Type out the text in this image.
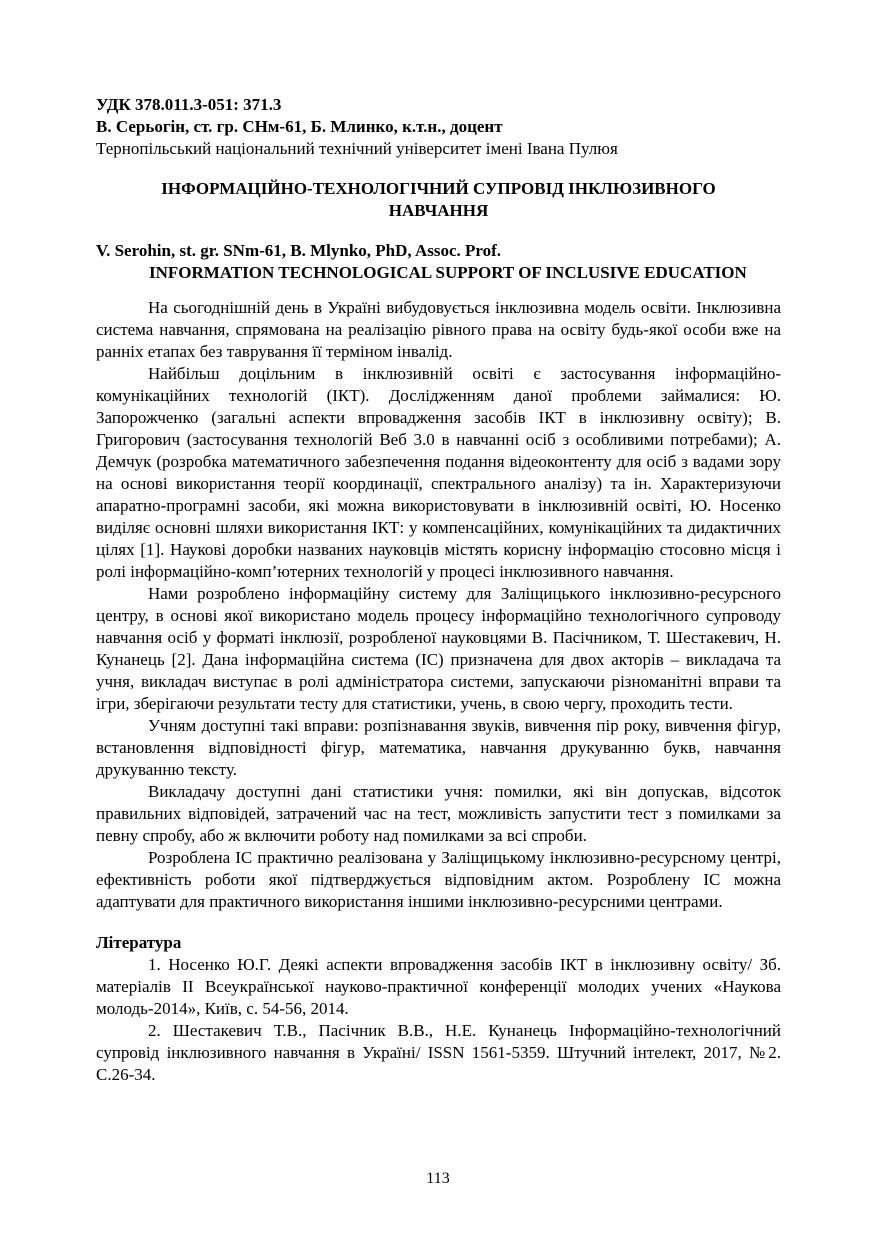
УДК 378.011.3-051: 371.3

В. Серьогін, ст. гр. СНм-61, Б. Млинко, к.т.н., доцент

Тернопільський національний технічний університет імені Івана Пулюя

ІНФОРМАЦІЙНО-ТЕХНОЛОГІЧНИЙ СУПРОВІД ІНКЛЮЗИВНОГО
НАВЧАННЯ

V. Serohin, st. gr. SNm-61, B. Mlynko, PhD, Assoc. Prof.

INFORMATION TECHNOLOGICAL SUPPORT OF INCLUSIVE EDUCATION

На сьогоднішній день в Україні вибудовується інклюзивна модель освіти. Інклюзивна система навчання, спрямована на реалізацію рівного права на освіту будь-якої особи вже на ранніх етапах без таврування її терміном інвалід.

Найбільш доцільним в інклюзивній освіті є застосування інформаційно-комунікаційних технологій (ІКТ). Дослідженням даної проблеми займалися: Ю. Запорожченко (загальні аспекти впровадження засобів ІКТ в інклюзивну освіту); В. Григорович (застосування технологій Веб 3.0 в навчанні осіб з особливими потребами); А. Демчук (розробка математичного забезпечення подання відеоконтенту для осіб з вадами зору на основі використання теорії координації, спектрального аналізу) та ін. Характеризуючи апаратно-програмні засоби, які можна використовувати в інклюзивній освіті, Ю. Носенко виділяє основні шляхи використання ІКТ: у компенсаційних, комунікаційних та дидактичних цілях [1]. Наукові доробки названих науковців містять корисну інформацію стосовно місця і ролі інформаційно-комп’ютерних технологій у процесі інклюзивного навчання.

Нами розроблено інформаційну систему для Заліщицького інклюзивно-ресурсного центру, в основі якої використано модель процесу інформаційно технологічного супроводу навчання осіб у форматі інклюзії, розробленої науковцями В. Пасічником, Т. Шестакевич, Н. Кунанець [2]. Дана інформаційна система (ІС) призначена для двох акторів – викладача та учня, викладач виступає в ролі адміністратора системи, запускаючи різноманітні вправи та ігри, зберігаючи результати тесту для статистики, учень, в свою чергу, проходить тести.

Учням доступні такі вправи: розпізнавання звуків, вивчення пір року, вивчення фігур, встановлення відповідності фігур, математика, навчання друкуванню букв, навчання друкуванню тексту.

Викладачу доступні дані статистики учня: помилки, які він допускав, відсоток правильних відповідей, затрачений час на тест, можливість запустити тест з помилками за певну спробу, або ж включити роботу над помилками за всі спроби.

Розроблена ІС практично реалізована у Заліщицькому інклюзивно-ресурсному центрі, ефективність роботи якої підтверджується відповідним актом. Розроблену ІС можна адаптувати для практичного використання іншими інклюзивно-ресурсними центрами.

Література

1. Носенко Ю.Г. Деякі аспекти впровадження засобів ІКТ в інклюзивну освіту/ Зб. матеріалів ІІ Всеукраїнської науково-практичної конференції молодих учених «Наукова молодь-2014», Київ, с. 54-56, 2014.

2. Шестакевич Т.В., Пасічник В.В., Н.Е. Кунанець Інформаційно-технологічний супровід інклюзивного навчання в Україні/ ISSN 1561-5359. Штучний інтелект, 2017, №2. С.26-34.

113
